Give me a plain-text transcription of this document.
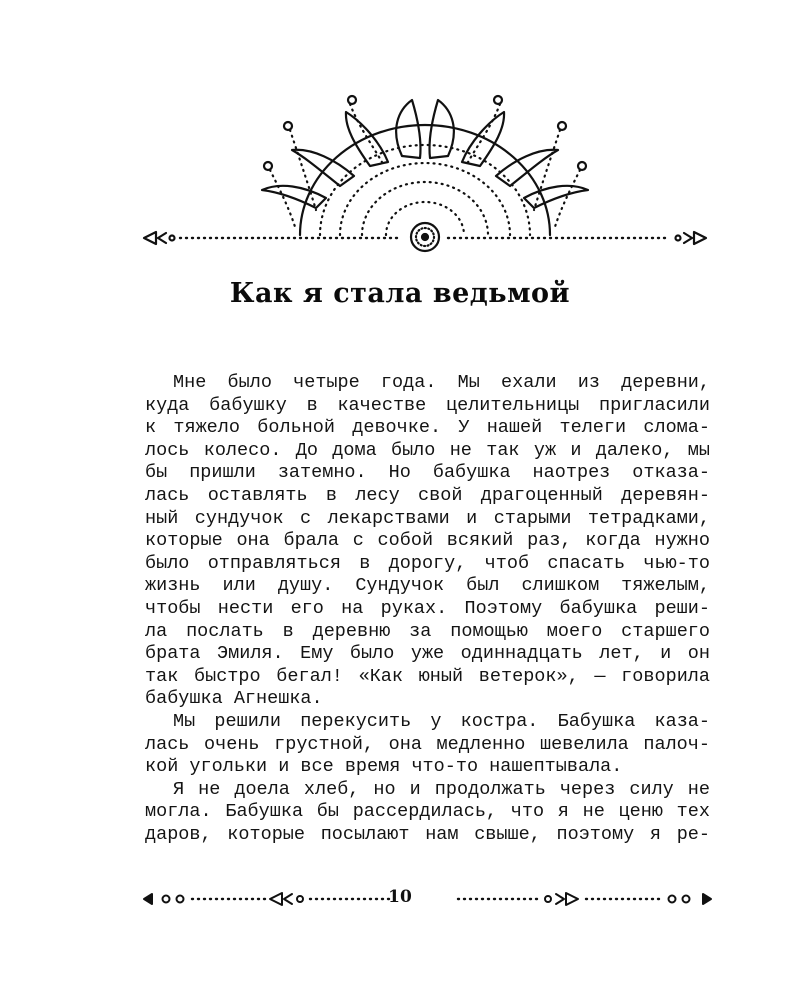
Как я стала ведьмой
Мне было четыре года. Мы ехали из деревни,
куда бабушку в качестве целительницы пригласили
к тяжело больной девочке. У нашей телеги слома-
лось колесо. До дома было не так уж и далеко, мы
бы пришли затемно. Но бабушка наотрез отказа-
лась оставлять в лесу свой драгоценный деревян-
ный сундучок с лекарствами и старыми тетрадками,
которые она брала с собой всякий раз, когда нужно
было отправляться в дорогу, чтоб спасать чью-то
жизнь или душу. Сундучок был слишком тяжелым,
чтобы нести его на руках. Поэтому бабушка реши-
ла послать в деревню за помощью моего старшего
брата Эмиля. Ему было уже одиннадцать лет, и он
так быстро бегал! «Как юный ветерок», — говорила
бабушка Агнешка.
Мы решили перекусить у костра. Бабушка каза-
лась очень грустной, она медленно шевелила палоч-
кой угольки и все время что-то нашептывала.
Я не доела хлеб, но и продолжать через силу не
могла. Бабушка бы рассердилась, что я не ценю тех
даров, которые посылают нам свыше, поэтому я ре-
10
